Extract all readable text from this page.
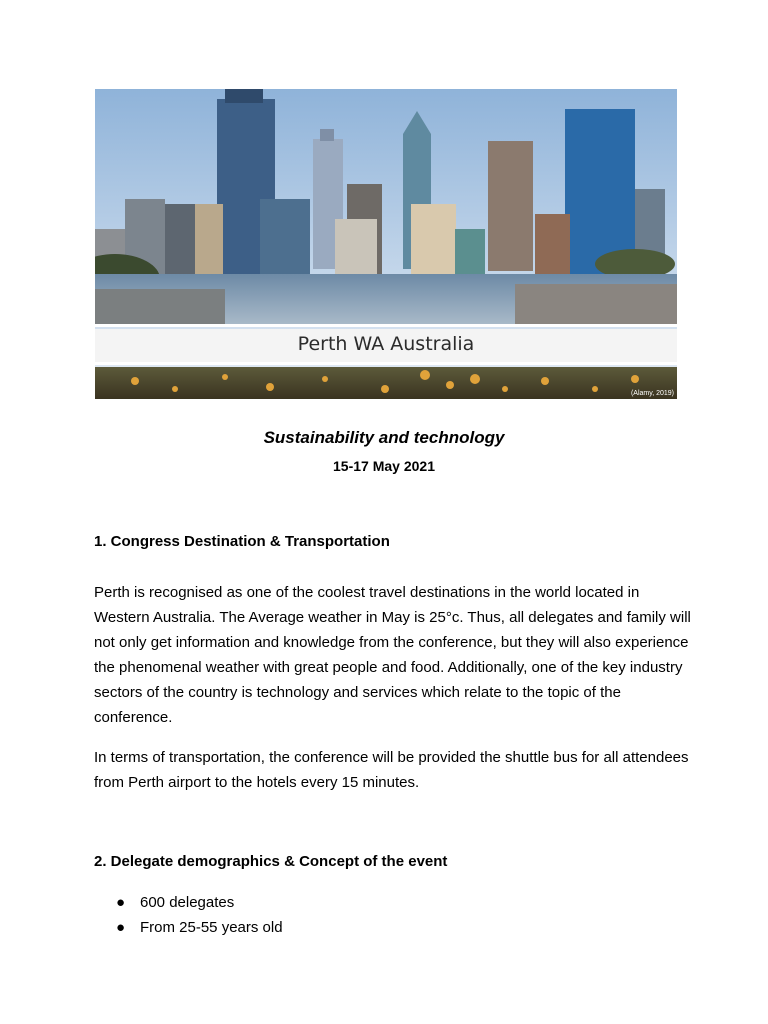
Perth WA Australia
(Alamy, 2019)
Sustainability and technology
15-17 May 2021
1. Congress Destination & Transportation
Perth is recognised as one of the coolest travel destinations in the world located in Western Australia. The Average weather in May is 25°c. Thus, all delegates and family will not only get information and knowledge from the conference, but they will also experience the phenomenal weather with great people and food. Additionally, one of the key industry sectors of the country is technology and services which relate to the topic of the conference.
In terms of transportation, the conference will be provided the shuttle bus for all attendees from Perth airport to the hotels every 15 minutes.
2. Delegate demographics & Concept of the event
● 600 delegates
● From 25-55 years old
